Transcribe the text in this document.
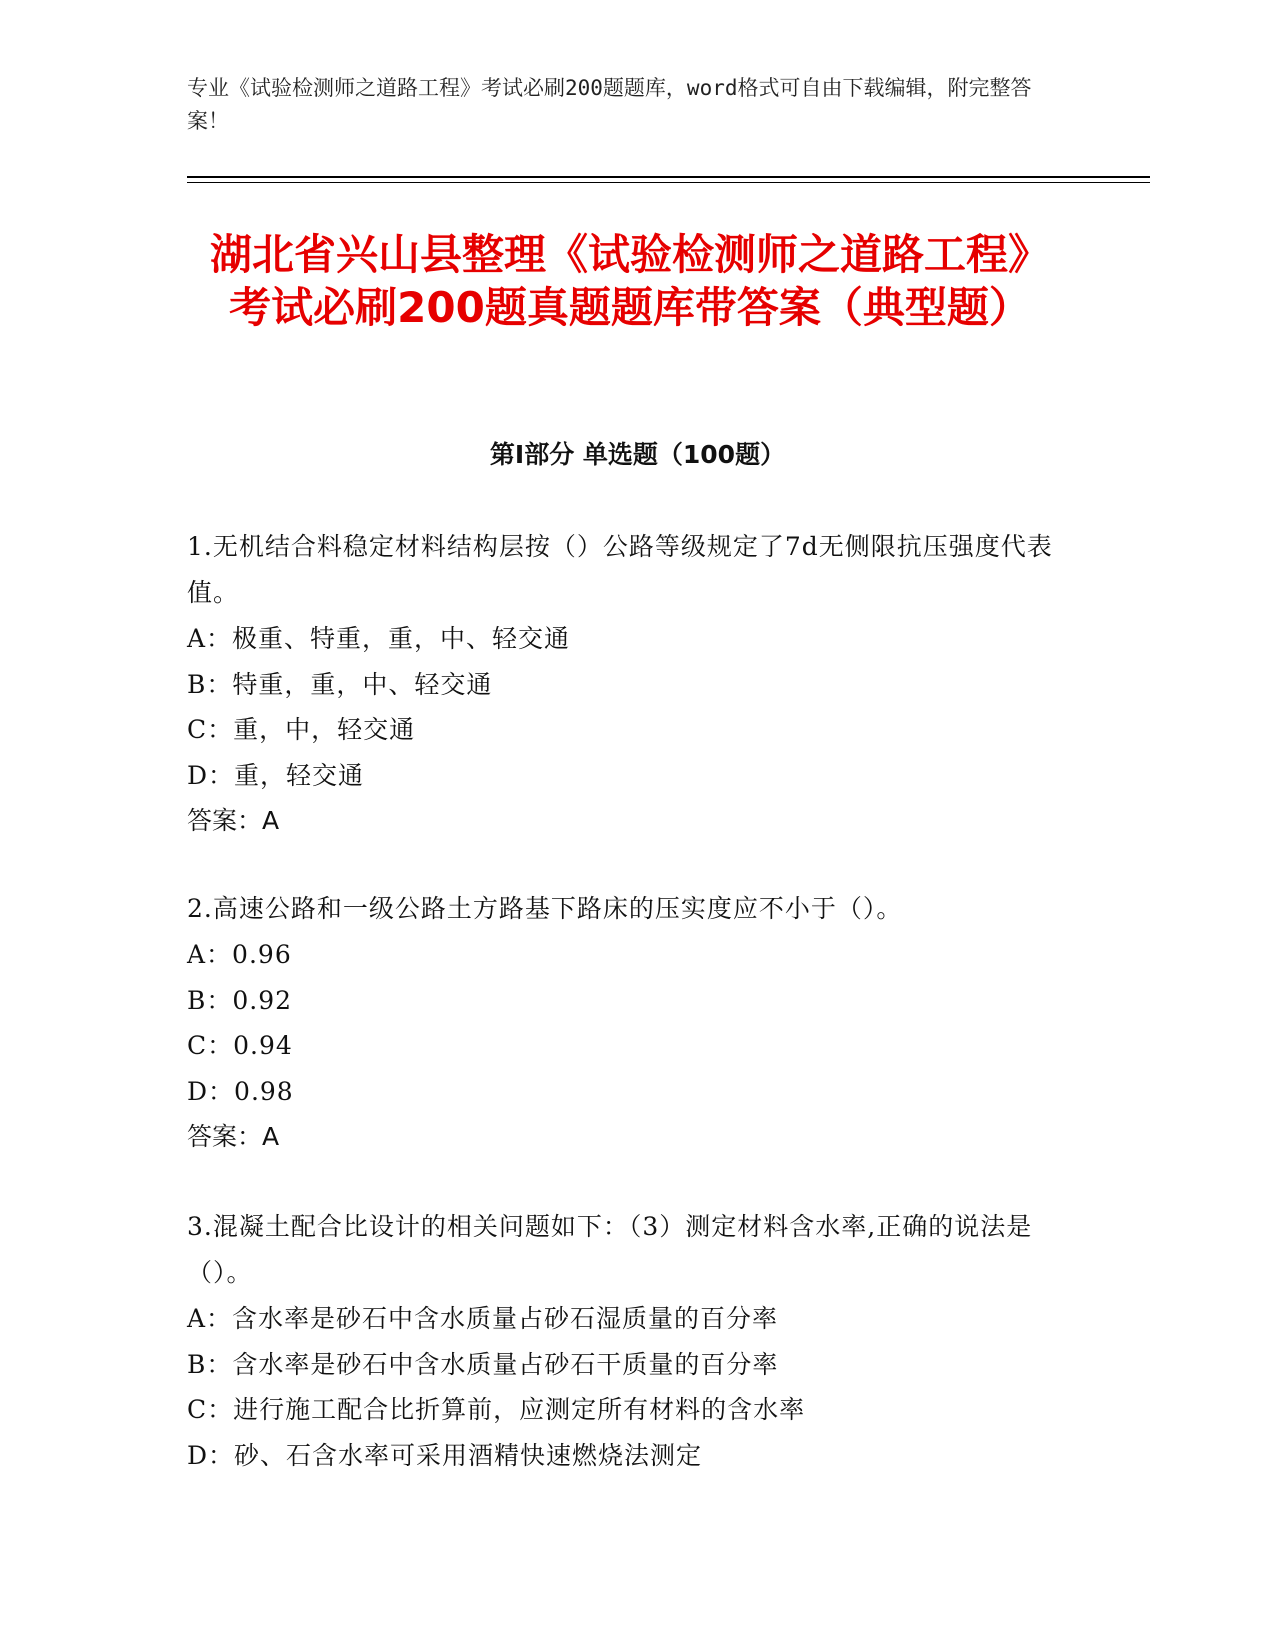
专业《试验检测师之道路工程》考试必刷200题题库，word格式可自由下载编辑，附完整答案！
湖北省兴山县整理《试验检测师之道路工程》考试必刷200题真题题库带答案（典型题）
第I部分 单选题（100题）
1.无机结合料稳定材料结构层按（）公路等级规定了7d无侧限抗压强度代表值。
A：极重、特重，重，中、轻交通
B：特重，重，中、轻交通
C：重，中，轻交通
D：重，轻交通
答案：A
2.高速公路和一级公路土方路基下路床的压实度应不小于（）。
A：0.96
B：0.92
C：0.94
D：0.98
答案：A
3.混凝土配合比设计的相关问题如下：（3）测定材料含水率,正确的说法是（）。
A：含水率是砂石中含水质量占砂石湿质量的百分率
B：含水率是砂石中含水质量占砂石干质量的百分率
C：进行施工配合比折算前，应测定所有材料的含水率
D：砂、石含水率可采用酒精快速燃烧法测定
